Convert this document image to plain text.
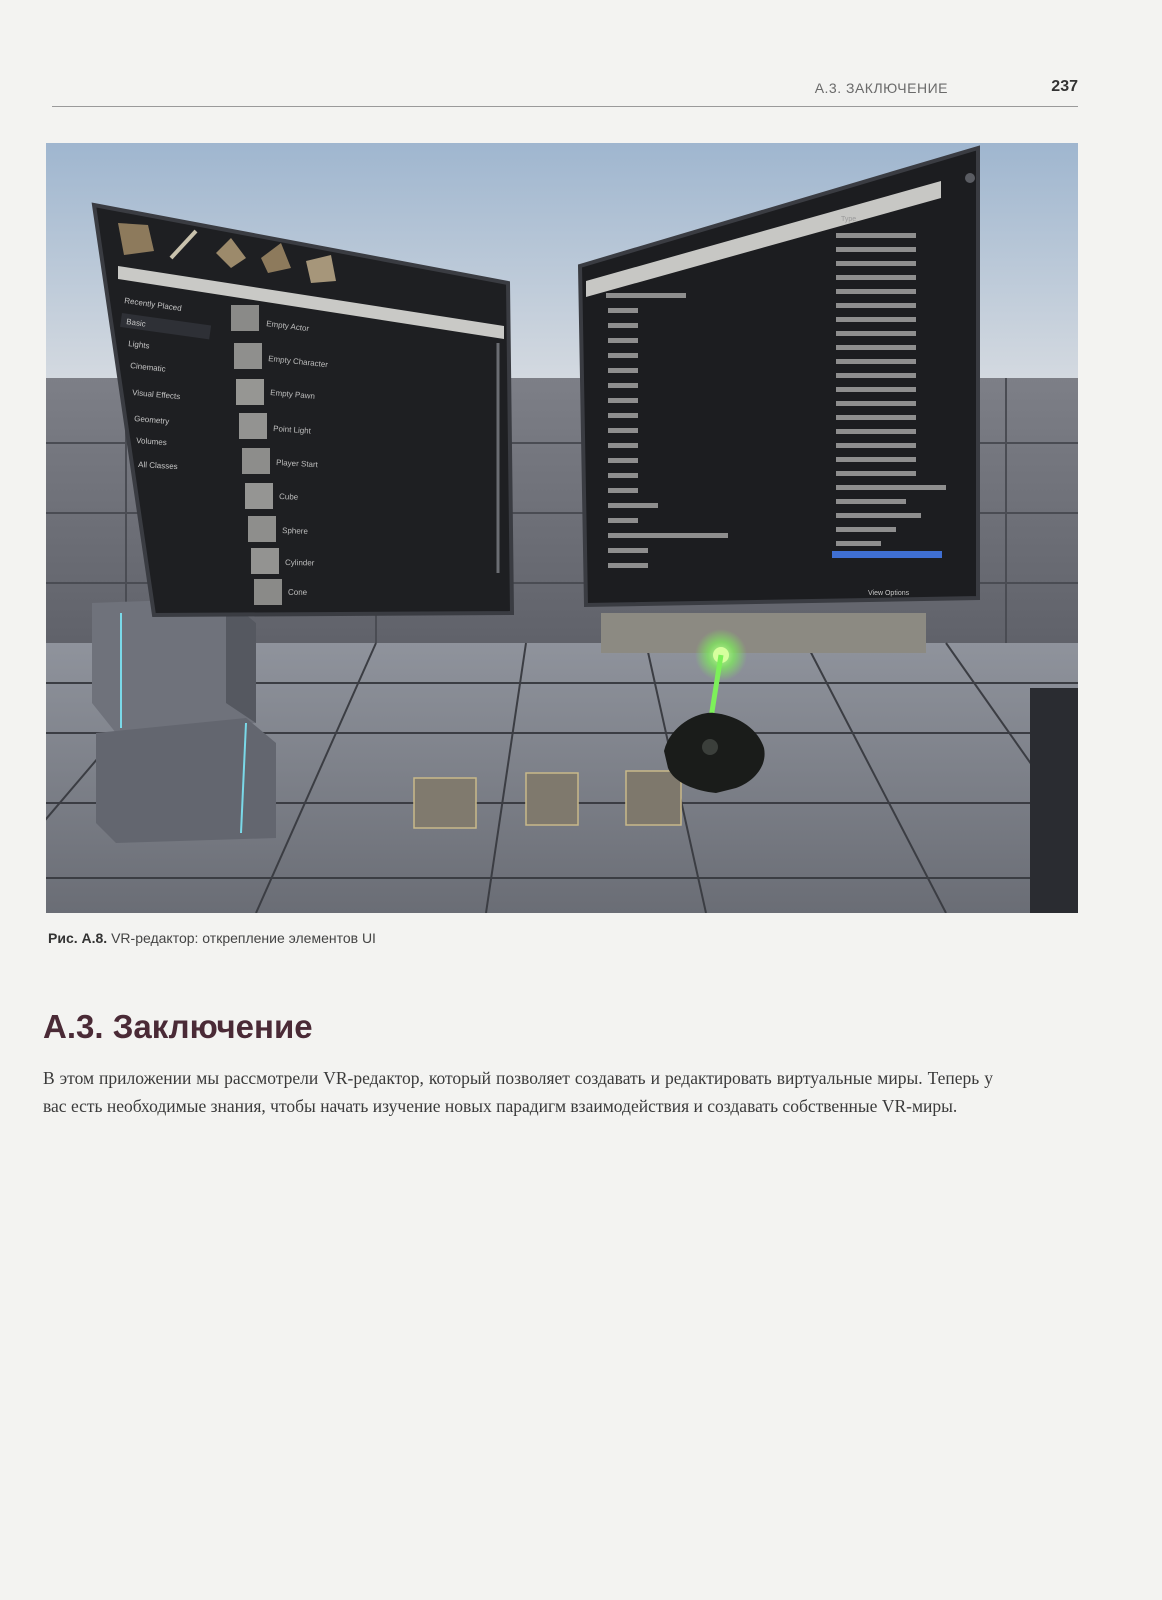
А.3. ЗАКЛЮЧЕНИЕ	237
Recently Placed
Basic
Lights
Cinematic
Visual Effects
Geometry
Volumes
All Classes
Empty Actor
Empty Character
Empty Pawn
Point Light
Player Start
Cube
Sphere
Cylinder
Cone
Type
View Options
Рис. А.8. VR-редактор: открепление элементов UI
А.3. Заключение

В этом приложении мы рассмотрели VR-редактор, который позволяет создавать и редактировать виртуальные миры. Теперь у вас есть необходимые знания, чтобы начать изучение новых парадигм взаимодействия и создавать собственные VR-миры.
